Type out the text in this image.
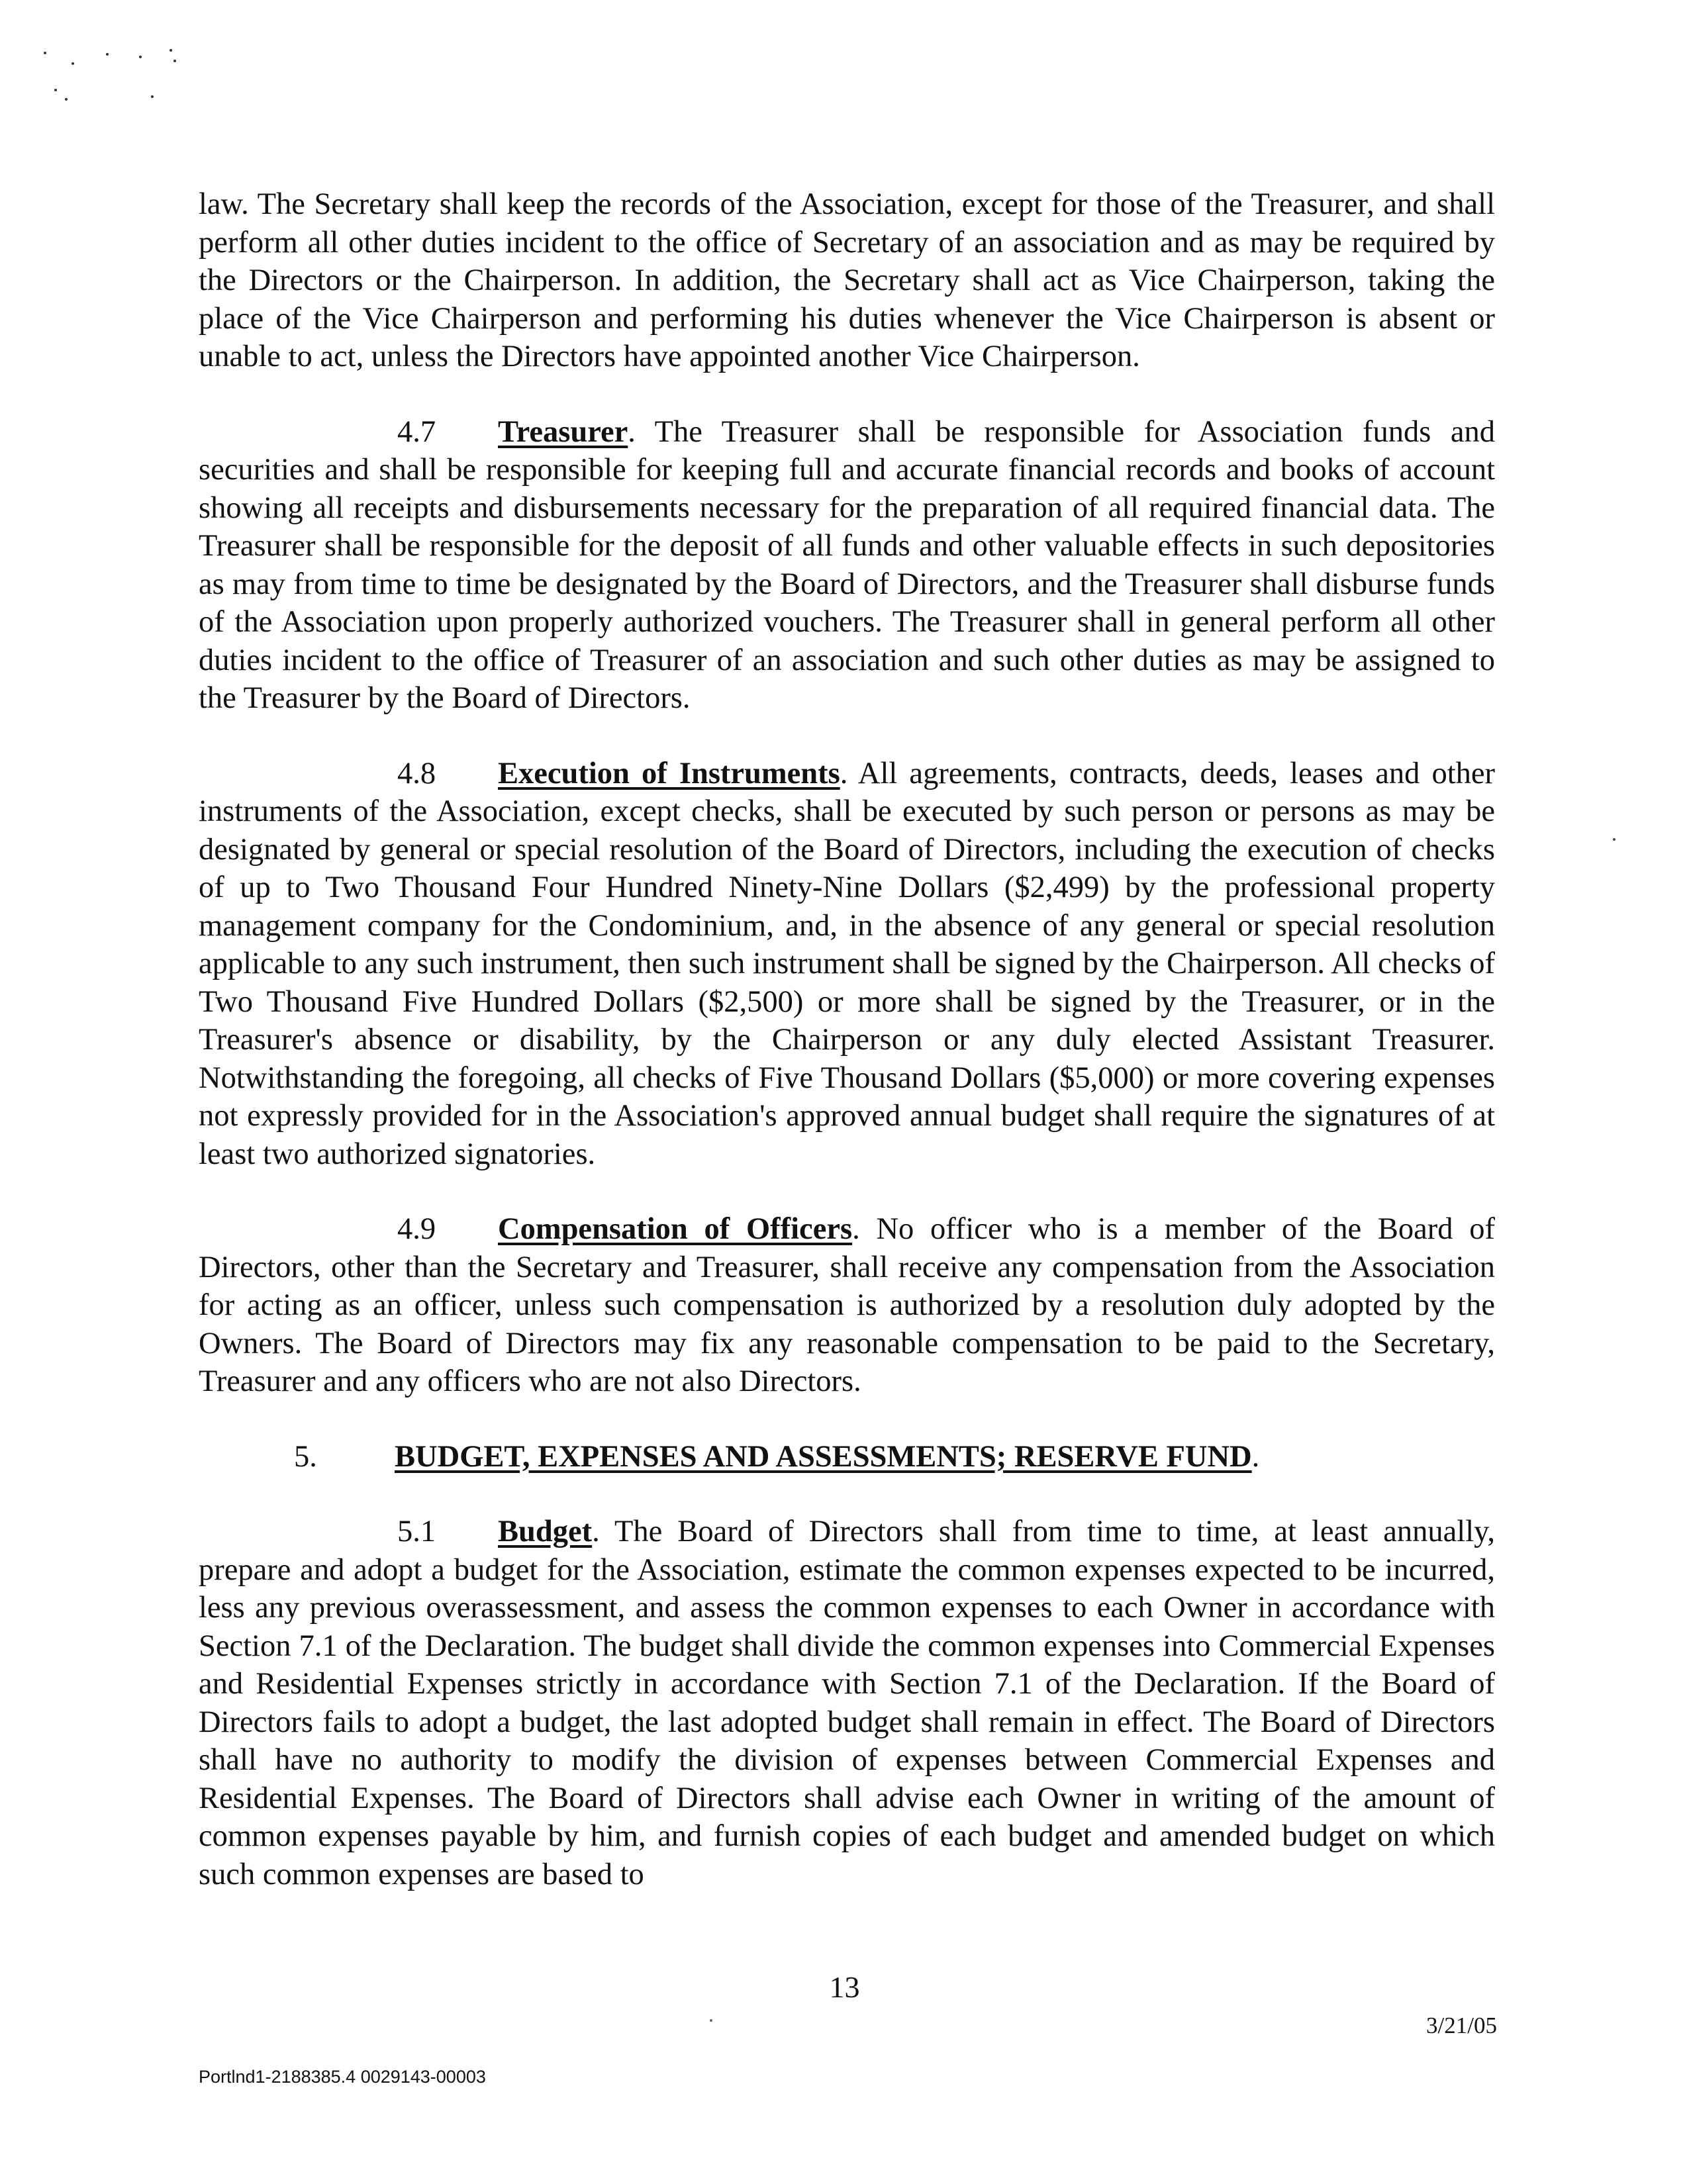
law. The Secretary shall keep the records of the Association, except for those of the Treasurer, and shall perform all other duties incident to the office of Secretary of an association and as may be required by the Directors or the Chairperson. In addition, the Secretary shall act as Vice Chairperson, taking the place of the Vice Chairperson and performing his duties whenever the Vice Chairperson is absent or unable to act, unless the Directors have appointed another Vice Chairperson.

4.7 Treasurer. The Treasurer shall be responsible for Association funds and securities and shall be responsible for keeping full and accurate financial records and books of account showing all receipts and disbursements necessary for the preparation of all required financial data. The Treasurer shall be responsible for the deposit of all funds and other valuable effects in such depositories as may from time to time be designated by the Board of Directors, and the Treasurer shall disburse funds of the Association upon properly authorized vouchers. The Treasurer shall in general perform all other duties incident to the office of Treasurer of an association and such other duties as may be assigned to the Treasurer by the Board of Directors.

4.8 Execution of Instruments. All agreements, contracts, deeds, leases and other instruments of the Association, except checks, shall be executed by such person or persons as may be designated by general or special resolution of the Board of Directors, including the execution of checks of up to Two Thousand Four Hundred Ninety-Nine Dollars ($2,499) by the professional property management company for the Condominium, and, in the absence of any general or special resolution applicable to any such instrument, then such instrument shall be signed by the Chairperson. All checks of Two Thousand Five Hundred Dollars ($2,500) or more shall be signed by the Treasurer, or in the Treasurer's absence or disability, by the Chairperson or any duly elected Assistant Treasurer. Notwithstanding the foregoing, all checks of Five Thousand Dollars ($5,000) or more covering expenses not expressly provided for in the Association's approved annual budget shall require the signatures of at least two authorized signatories.

4.9 Compensation of Officers. No officer who is a member of the Board of Directors, other than the Secretary and Treasurer, shall receive any compensation from the Association for acting as an officer, unless such compensation is authorized by a resolution duly adopted by the Owners. The Board of Directors may fix any reasonable compensation to be paid to the Secretary, Treasurer and any officers who are not also Directors.

5.	BUDGET, EXPENSES AND ASSESSMENTS; RESERVE FUND.

5.1 Budget. The Board of Directors shall from time to time, at least annually, prepare and adopt a budget for the Association, estimate the common expenses expected to be incurred, less any previous overassessment, and assess the common expenses to each Owner in accordance with Section 7.1 of the Declaration. The budget shall divide the common expenses into Commercial Expenses and Residential Expenses strictly in accordance with Section 7.1 of the Declaration. If the Board of Directors fails to adopt a budget, the last adopted budget shall remain in effect. The Board of Directors shall have no authority to modify the division of expenses between Commercial Expenses and Residential Expenses. The Board of Directors shall advise each Owner in writing of the amount of common expenses payable by him, and furnish copies of each budget and amended budget on which such common expenses are based to

13
3/21/05
Portlnd1-2188385.4 0029143-00003
